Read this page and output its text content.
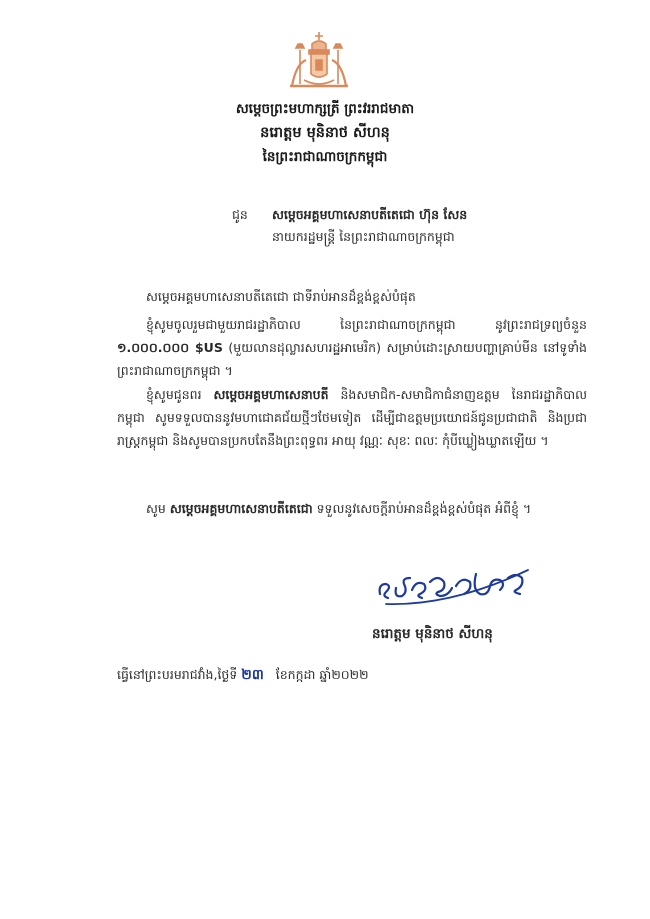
សម្តេចព្រះមហាក្សត្រី ព្រះវររាជមាតា
នរោត្តម មុនិនាថ សីហនុ
នៃព្រះរាជាណាចក្រកម្ពុជា
ជូន សម្តេចអគ្គមហាសេនាបតីតេជោ ហ៊ុន សែន
នាយករដ្ឋមន្ត្រី នៃព្រះរាជាណាចក្រកម្ពុជា
សម្តេចអគ្គមហាសេនាបតីតេជោ ជាទីរាប់អានដ៏ខ្ពង់ខ្ពស់បំផុត
ខ្ញុំសូមចូលរួមជាមួយរាជរដ្ឋាភិបាល នៃព្រះរាជាណាចក្រកម្ពុជា នូវព្រះរាជទ្រព្យចំនួន ១.០០០.០០០ $US (មួយលានដុល្លារសហរដ្ឋអាមេរិក) សម្រាប់ដោះស្រាយបញ្ហាគ្រាប់មីន នៅទូទាំងព្រះរាជាណាចក្រកម្ពុជា ។
ខ្ញុំសូមជូនពរ សម្តេចអគ្គមហាសេនាបតី និងសមាជិក-សមាជិកាជំនាញឧត្តម នៃរាជរដ្ឋាភិបាលកម្ពុជា សូមទទួលបាននូវមហាជោគជ័យថ្មីៗថែមទៀត ដើម្បីជាឧត្តមប្រយោជន៍ជូនប្រជាជាតិ និងប្រជារាស្ត្រកម្ពុជា និងសូមបានប្រកបតែនឹងព្រះពុទ្ធពរ អាយុ វណ្ណៈ សុខៈ ពលៈ កុំបីឃ្លៀងឃ្លាតឡើយ ។
សូម សម្តេចអគ្គមហាសេនាបតីតេជោ ទទួលនូវសេចក្តីរាប់អានដ៏ខ្ពង់ខ្ពស់បំផុត អំពីខ្ញុំ ។
នរោត្តម មុនិនាថ សីហនុ
ធ្វើនៅព្រះបរមរាជវាំង,ថ្ងៃទី ២៣ ខែកក្កដា ឆ្នាំ២០២២
